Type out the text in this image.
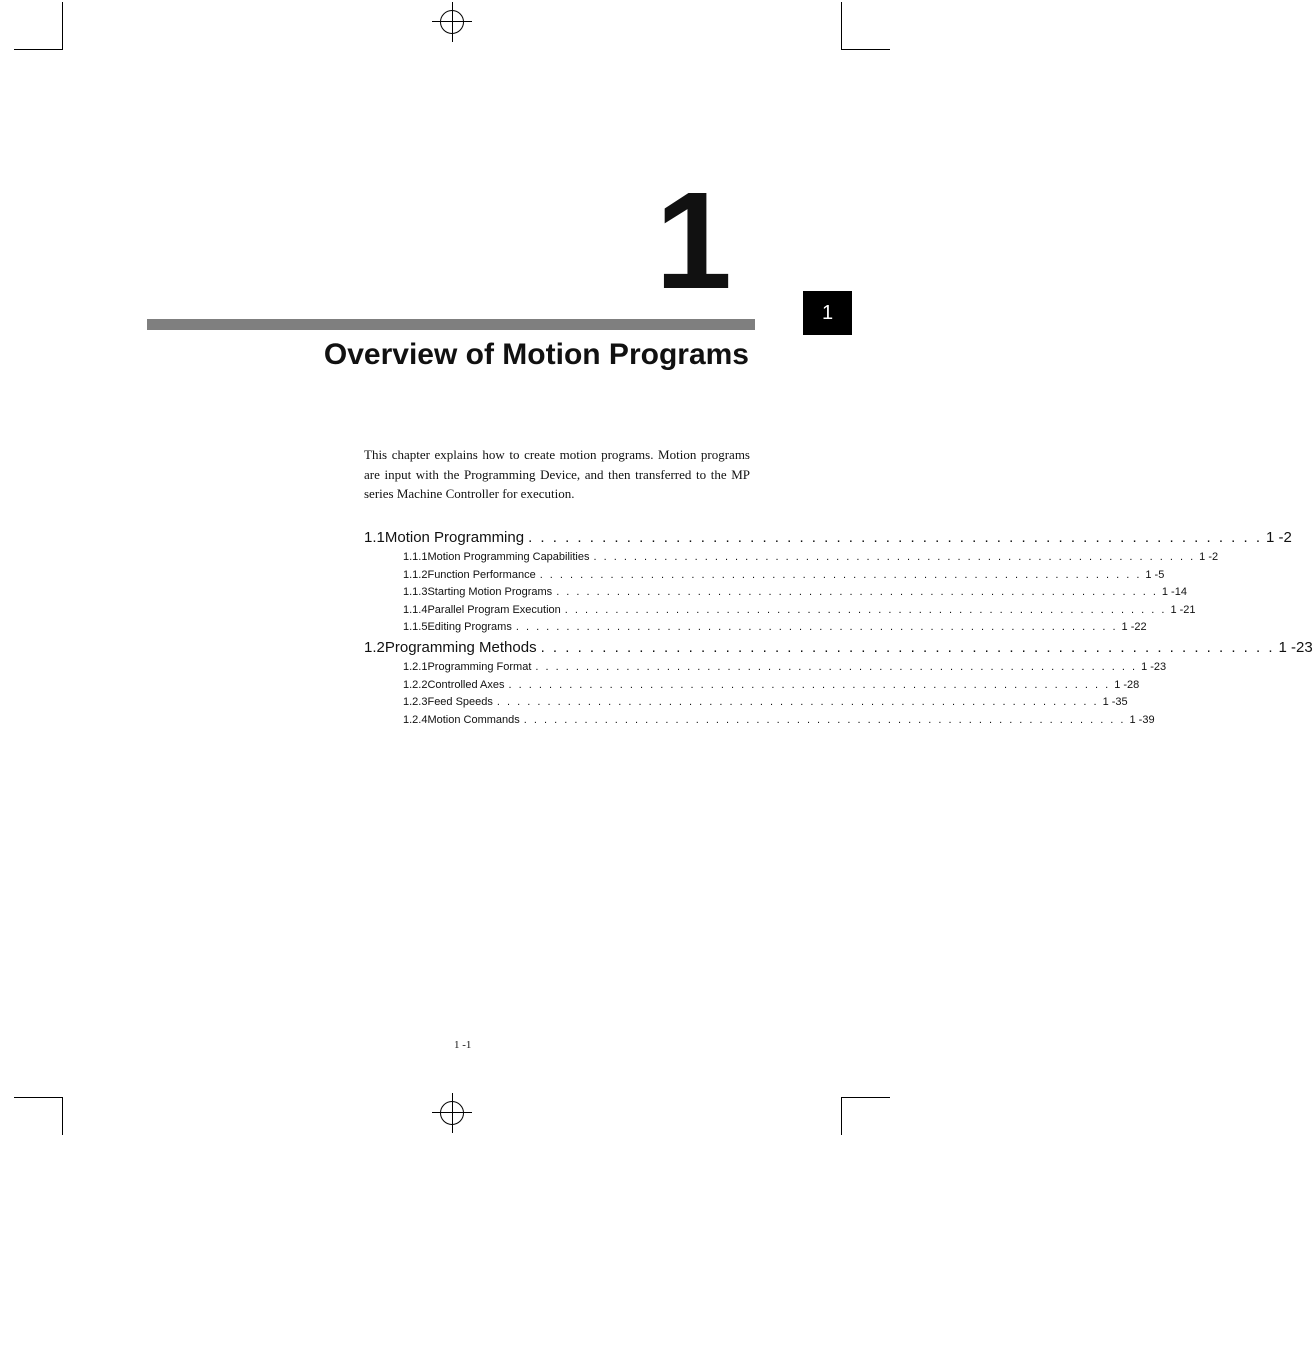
1
Overview of Motion Programs
1

This chapter explains how to create motion programs. Motion programs are input with the Programming Device, and then transferred to the MP series Machine Controller for execution.

1.1 Motion Programming . . . . . . . . . . . . . . . . . . . . . . . . . . . . . . . . . . . . . . . . . . . . . . . . . . . . . . . . . . . . 1 -2
1.1.1 Motion Programming Capabilities . . . . . . . . . . . . . . . . . . . . . . . . . . . . . . . . . . . . . . . . . . . . . . . . . . . . . . . . . . . . 1 -2
1.1.2 Function Performance . . . . . . . . . . . . . . . . . . . . . . . . . . . . . . . . . . . . . . . . . . . . . . . . . . . . . . . . . . . . 1 -5
1.1.3 Starting Motion Programs . . . . . . . . . . . . . . . . . . . . . . . . . . . . . . . . . . . . . . . . . . . . . . . . . . . . . . . . . . . . 1 -14
1.1.4 Parallel Program Execution . . . . . . . . . . . . . . . . . . . . . . . . . . . . . . . . . . . . . . . . . . . . . . . . . . . . . . . . . . . . 1 -21
1.1.5 Editing Programs . . . . . . . . . . . . . . . . . . . . . . . . . . . . . . . . . . . . . . . . . . . . . . . . . . . . . . . . . . . . 1 -22
1.2 Programming Methods . . . . . . . . . . . . . . . . . . . . . . . . . . . . . . . . . . . . . . . . . . . . . . . . . . . . . . . . . . . . 1 -23
1.2.1 Programming Format . . . . . . . . . . . . . . . . . . . . . . . . . . . . . . . . . . . . . . . . . . . . . . . . . . . . . . . . . . . . 1 -23
1.2.2 Controlled Axes . . . . . . . . . . . . . . . . . . . . . . . . . . . . . . . . . . . . . . . . . . . . . . . . . . . . . . . . . . . . 1 -28
1.2.3 Feed Speeds . . . . . . . . . . . . . . . . . . . . . . . . . . . . . . . . . . . . . . . . . . . . . . . . . . . . . . . . . . . . 1 -35
1.2.4 Motion Commands . . . . . . . . . . . . . . . . . . . . . . . . . . . . . . . . . . . . . . . . . . . . . . . . . . . . . . . . . . . . 1 -39
1 -1
